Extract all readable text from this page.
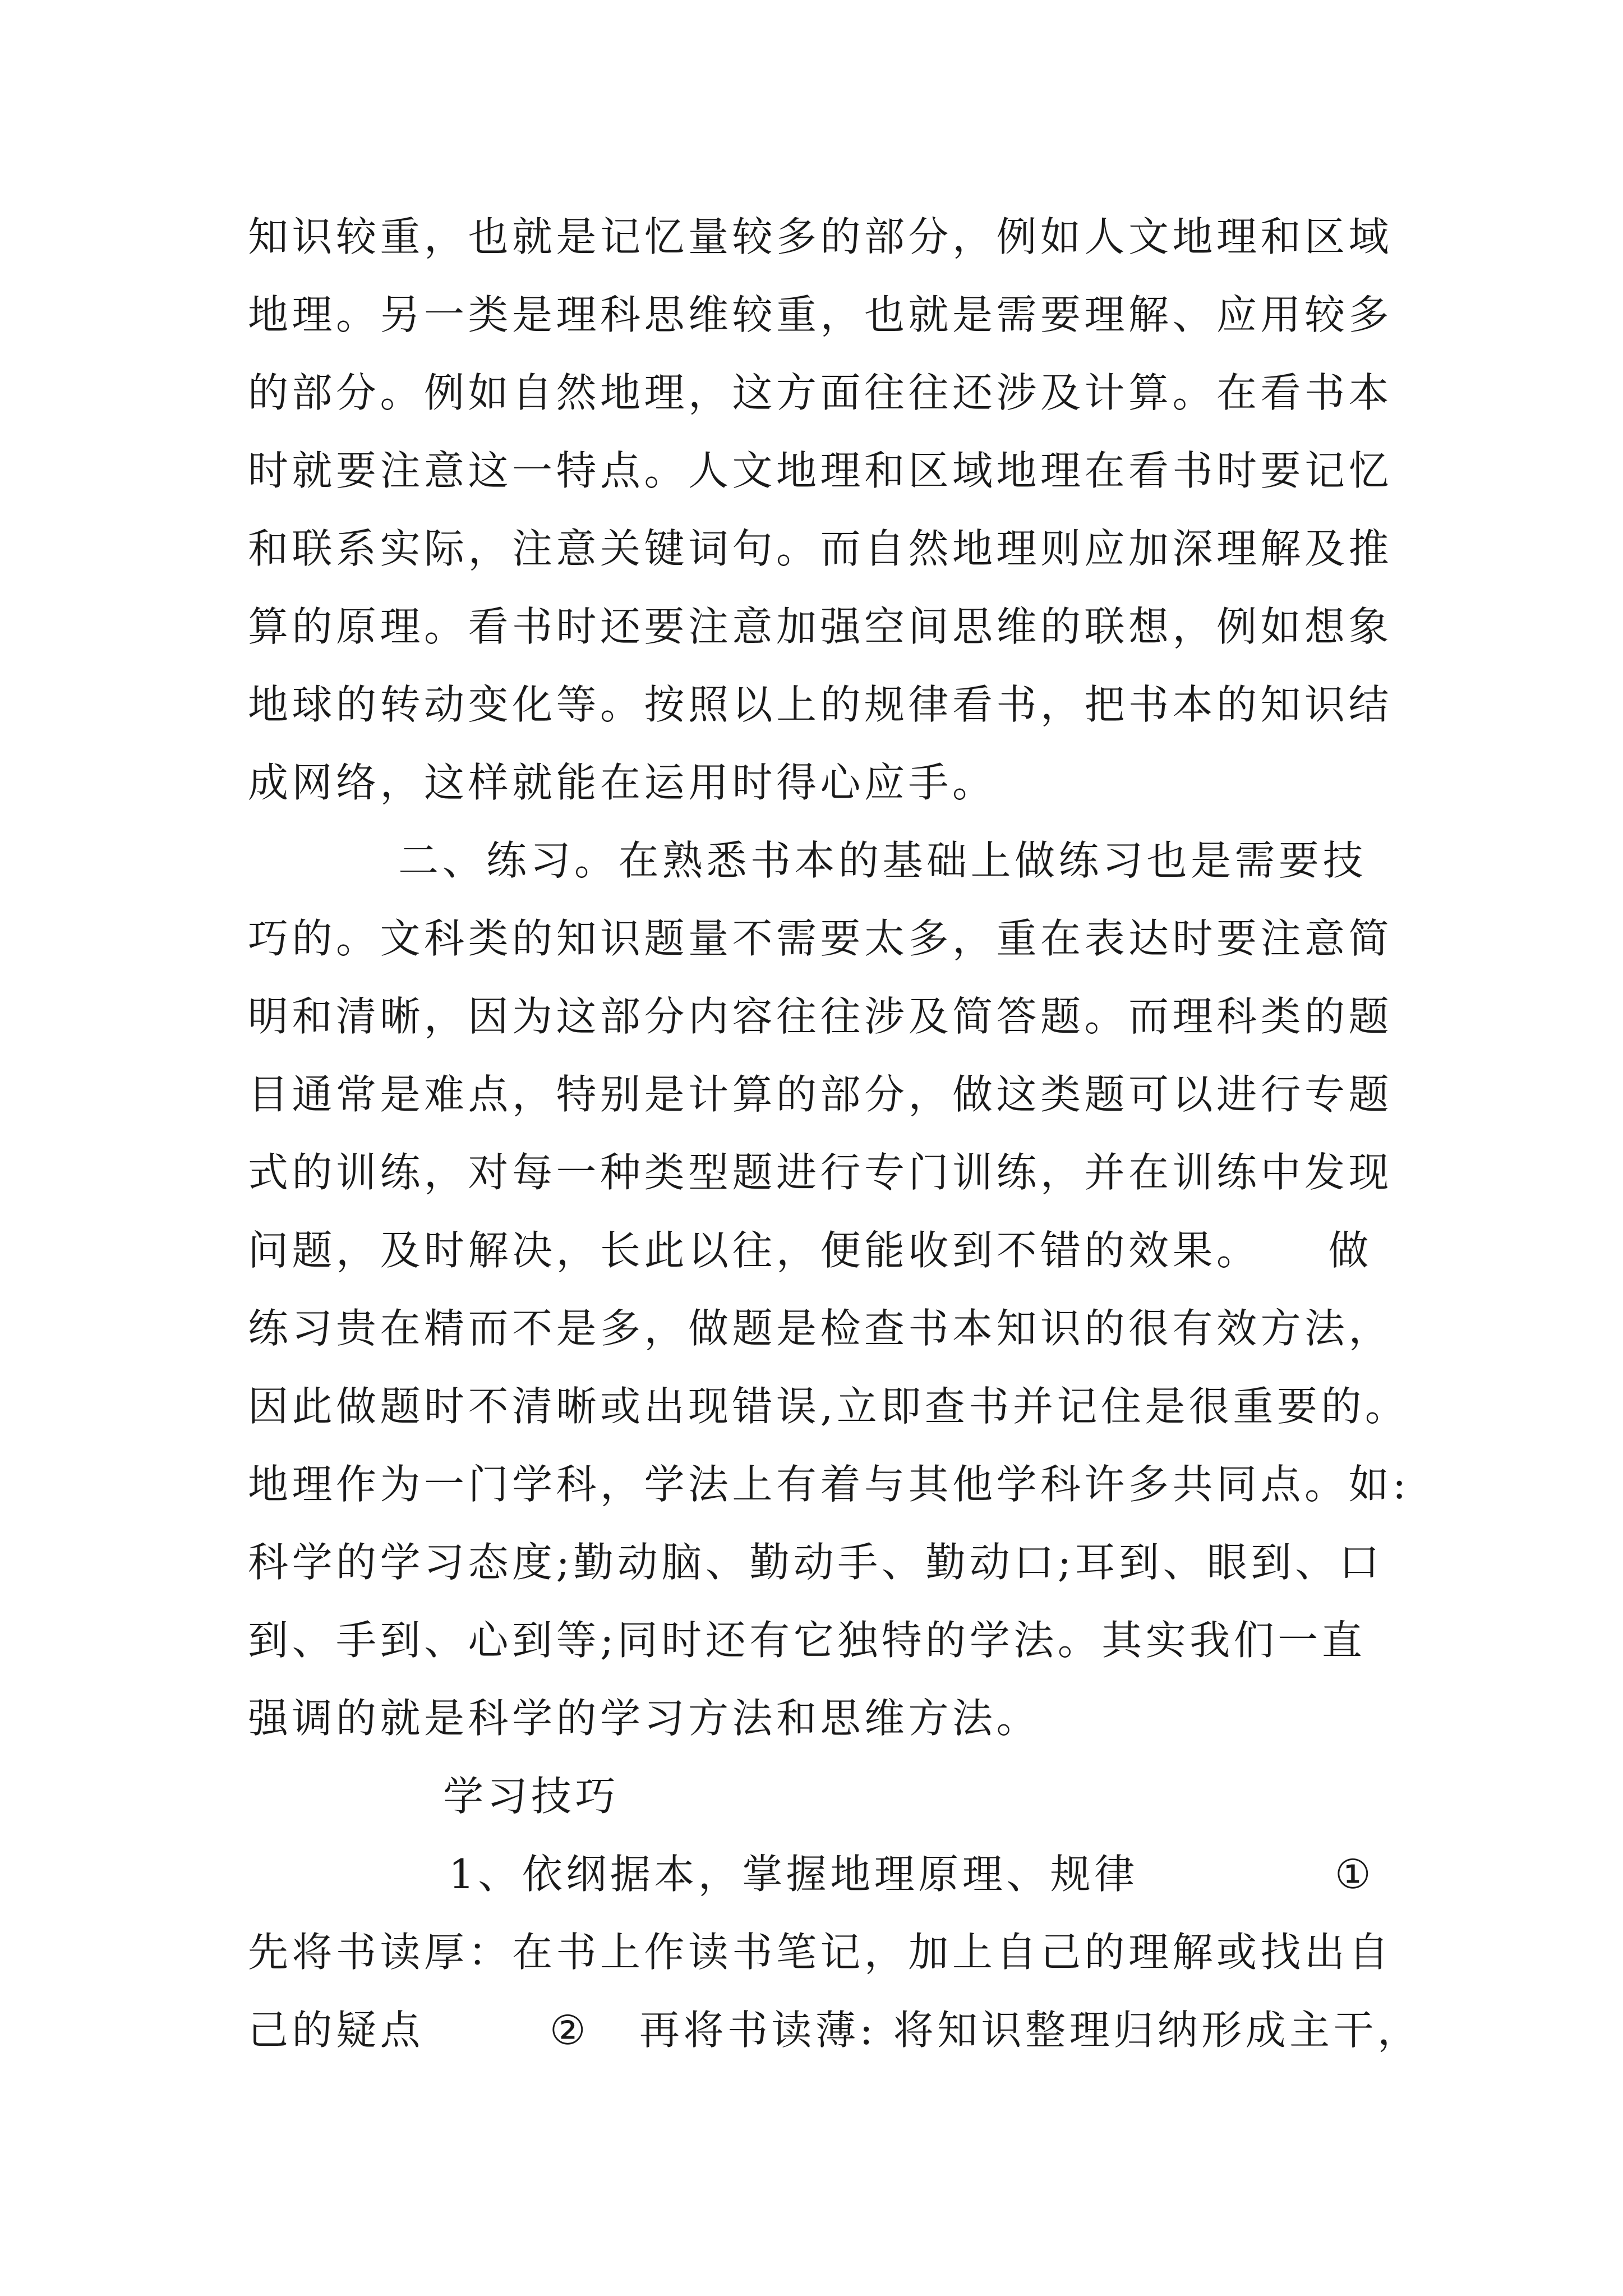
知识较重，也就是记忆量较多的部分，例如人文地理和区域
地理。另一类是理科思维较重，也就是需要理解、应用较多
的部分。例如自然地理，这方面往往还涉及计算。在看书本
时就要注意这一特点。人文地理和区域地理在看书时要记忆
和联系实际，注意关键词句。而自然地理则应加深理解及推
算的原理。看书时还要注意加强空间思维的联想，例如想象
地球的转动变化等。按照以上的规律看书，把书本的知识结
成网络，这样就能在运用时得心应手。
二、练习。在熟悉书本的基础上做练习也是需要技
巧的。文科类的知识题量不需要太多，重在表达时要注意简
明和清晰，因为这部分内容往往涉及简答题。而理科类的题
目通常是难点，特别是计算的部分，做这类题可以进行专题
式的训练，对每一种类型题进行专门训练，并在训练中发现
问题，及时解决，长此以往，便能收到不错的效果。　　做
练习贵在精而不是多，做题是检查书本知识的很有效方法，
因此做题时不清晰或出现错误,立即查书并记住是很重要的。
地理作为一门学科，学法上有着与其他学科许多共同点。如:
科学的学习态度;勤动脑、勤动手、勤动口;耳到、眼到、口
到、手到、心到等;同时还有它独特的学法。其实我们一直
强调的就是科学的学习方法和思维方法。
学习技巧
1、依纲据本，掌握地理原理、规律	①
先将书读厚：在书上作读书笔记，加上自己的理解或找出自
己的疑点	② 再将书读薄: 将知识整理归纳形成主干，
